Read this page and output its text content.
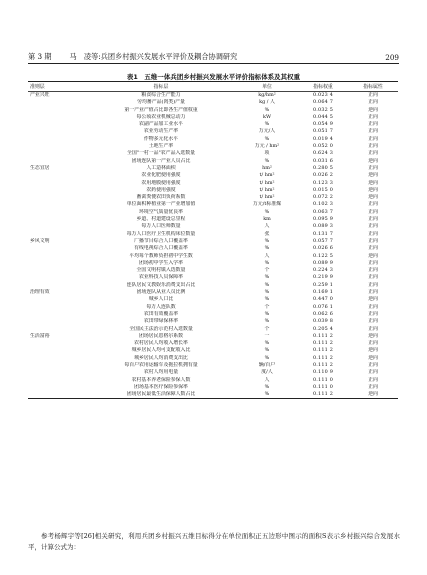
第 3 期	马　凌等:兵团乡村振兴发展水平评价及耦合协调研究	209
表1　五维一体兵团乡村振兴发展水平评价指标体系及其权重
准则层	指标层	单位	指标权重	指标属性
产业兴旺	粮食综合生产能力	kg/hm²	0.023 4	正向
	劳均畜产品(肉类)产量	kg / 人	0.064 7	正向
	第一产业产值占比即各生产值权重	%	0.032 5	逆向
	每公顷农业机械总动力	kW	0.044 5	正向
	农副产品加工业水平	%	0.054 9	正向
	农业劳动生产率	万元/人	0.051 7	正向
	作物多元化水平	%	0.019 4	正向
	土地生产率	万元 / hm²	0.052 0	正向
	全国"一村一品"农产品入选数量	项	0.624 3	正向
	团场连队第一产业人员占比	%	0.031 6	逆向
生态宜居	人工造林面积	hm²	0.280 5	正向
	农业化肥使用强度	t/ hm²	0.026 2	逆向
	农用地膜使用强度	t/ hm²	0.123 3	逆向
	农药使用强度	t/ hm²	0.015 0	逆向
	畜禽粪便农田负荷系数	t/ hm²	0.072 2	逆向
	单位面积种植业第一产业增加值	万元/t标准煤	0.102 3	正向
	环境空气质量优良率	%	0.063 7	正向
	乡道、村道建设总里程	km	0.095 9	正向
	每万人口医师数量	人	0.089 3	正向
	每万人口医疗卫生机构床位数量	张	0.131 7	正向
乡风文明	广播节目综合人口覆盖率	%	0.057 7	正向
	有线电视综合人口覆盖率	%	0.026 6	正向
	平均每个教师负担初中学生数	人	0.122 5	逆向
	团场初中学生入学率	%	0.089 9	正向
	全国文明村镇入选数量	个	0.224 3	正向
	农业科技人员保障率	%	0.219 9	正向
	连队居民文教娱乐消费支出占比	%	0.259 1	正向
治理有效	团场连队从业人员比例	%	0.169 1	正向
	城乡人口比	%	0.447 0	逆向
	每万人连队数	个	0.076 1	正向
	农田有效覆盖率	%	0.062 6	正向
	农田带绿保林率	%	0.039 8	正向
	全国民主法治示范村入选数量	个	0.205 4	正向
生活富裕	团场居民恩格尔系数	一	0.111 2	逆向
	农村居民人均收入增长率	%	0.111 2	正向
	城乡居民人均可支配收入比	%	0.111 2	逆向
	城乡居民人均消费支出比	%	0.111 2	逆向
	每百户农用运输车及拖拉机拥有量	辆/百户	0.111 2	正向
	农村人均用电量	度/人	0.110 9	正向
	农村基本养老保险参保人数	人	0.111 0	正向
	团场基本医疗保险参保率	%	0.111 0	正向
	团场居民最低生活保障人数占比	%	0.111 2	逆向
参考杨辉宇等[26]相关研究，利用兵团乡村振兴五维目标得分在单位面积正五边形中图示的面积S表示乡村振兴综合发展水平，计算公式为：
